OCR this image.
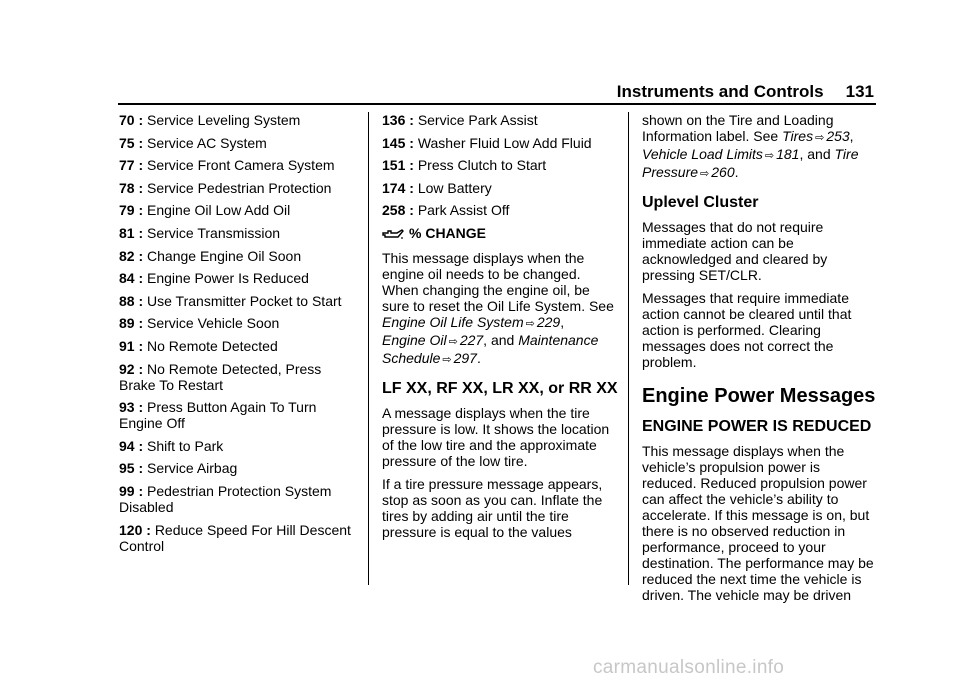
Instruments and Controls 131

70 : Service Leveling System

75 : Service AC System

77 : Service Front Camera System

78 : Service Pedestrian Protection

79 : Engine Oil Low Add Oil

81 : Service Transmission

82 : Change Engine Oil Soon

84 : Engine Power Is Reduced

88 : Use Transmitter Pocket to Start

89 : Service Vehicle Soon

91 : No Remote Detected

92 : No Remote Detected, Press Brake To Restart

93 : Press Button Again To Turn Engine Off

94 : Shift to Park

95 : Service Airbag

99 : Pedestrian Protection System Disabled

120 : Reduce Speed For Hill Descent Control

136 : Service Park Assist

145 : Washer Fluid Low Add Fluid

151 : Press Clutch to Start

174 : Low Battery

258 : Park Assist Off

% CHANGE

This message displays when the engine oil needs to be changed. When changing the engine oil, be sure to reset the Oil Life System. See Engine Oil Life System ⇨ 229,
Engine Oil ⇨ 227, and Maintenance Schedule ⇨ 297.

LF XX, RF XX, LR XX, or RR XX

A message displays when the tire pressure is low. It shows the location of the low tire and the approximate pressure of the low tire.

If a tire pressure message appears, stop as soon as you can. Inflate the tires by adding air until the tire pressure is equal to the values

shown on the Tire and Loading Information label. See Tires ⇨ 253,
Vehicle Load Limits ⇨ 181, and Tire Pressure ⇨ 260.

Uplevel Cluster

Messages that do not require immediate action can be acknowledged and cleared by pressing SET/CLR.

Messages that require immediate action cannot be cleared until that action is performed. Clearing messages does not correct the problem.

Engine Power Messages

ENGINE POWER IS REDUCED

This message displays when the vehicle’s propulsion power is reduced. Reduced propulsion power can affect the vehicle’s ability to accelerate. If this message is on, but there is no observed reduction in performance, proceed to your destination. The performance may be reduced the next time the vehicle is driven. The vehicle may be driven

carmanualsonline.info
